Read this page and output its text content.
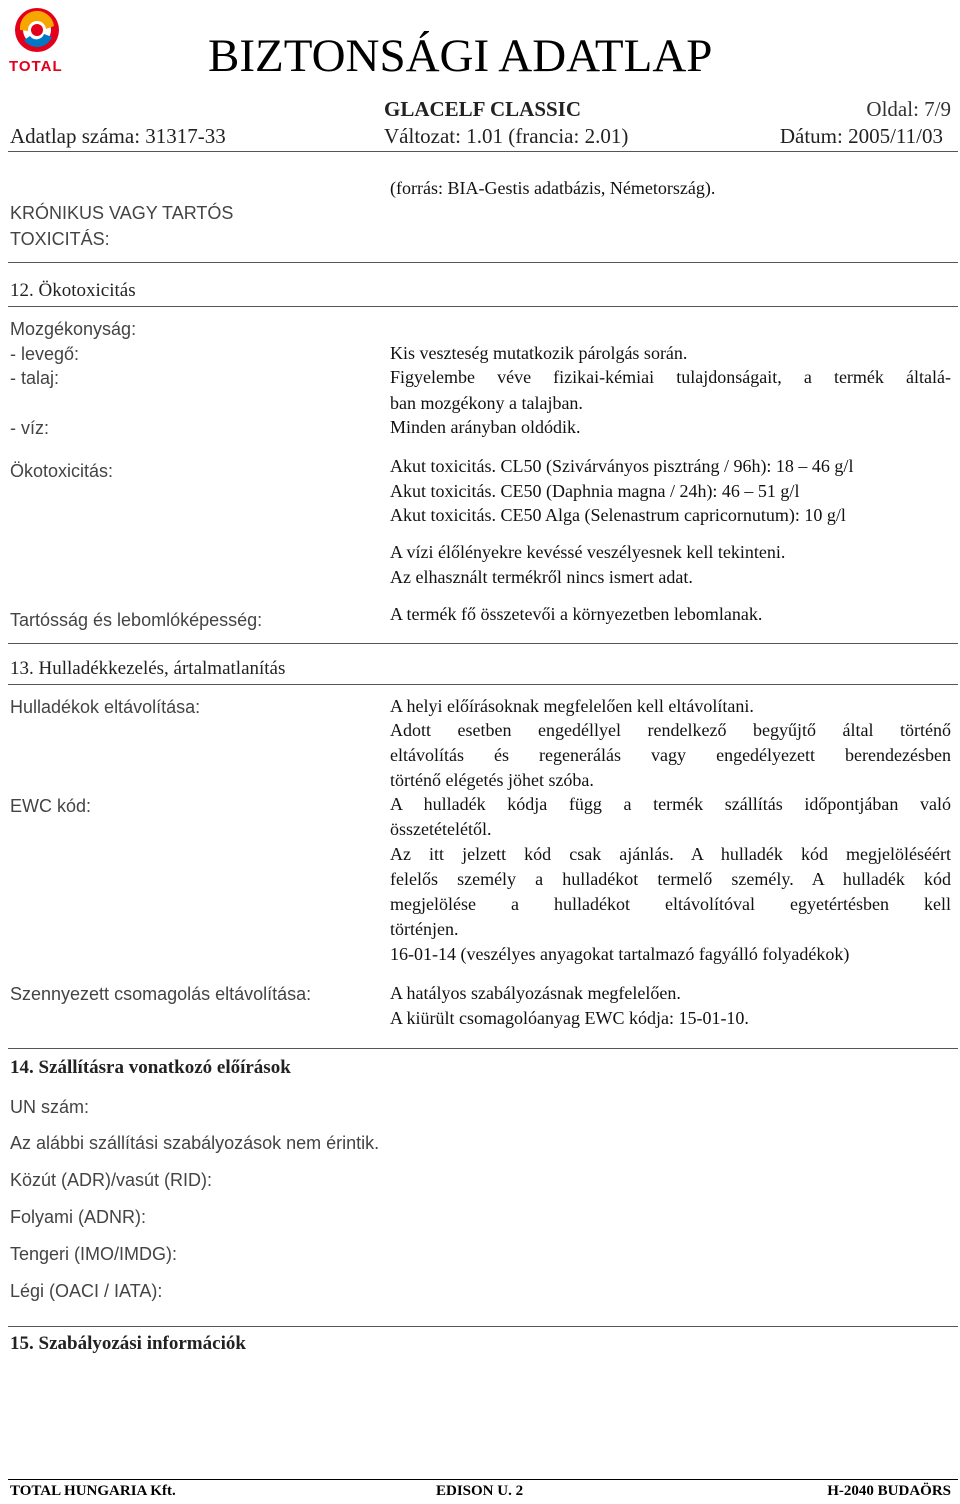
TOTAL	BIZTONSÁGI ADATLAP
GLACELF CLASSIC	Oldal: 7/9
Adatlap száma: 31317-33	Változat: 1.01 (francia: 2.01)	Dátum: 2005/11/03
KRÓNIKUS VAGY TARTÓS
TOXICITÁS:
(forrás: BIA-Gestis adatbázis, Németország).
12. Ökotoxicitás
Mozgékonyság:
- levegő:	Kis veszteség mutatkozik párolgás során.
- talaj:	Figyelembe véve fizikai-kémiai tulajdonságait, a termék általá-
ban mozgékony a talajban.
- víz:	Minden arányban oldódik.
Ökotoxicitás:	Akut toxicitás. CL50 (Szivárványos pisztráng / 96h): 18 – 46 g/l
Akut toxicitás. CE50 (Daphnia magna / 24h): 46 – 51 g/l
Akut toxicitás. CE50 Alga (Selenastrum capricornutum): 10 g/l
A vízi élőlényekre kevéssé veszélyesnek kell tekinteni.
Az elhasznált termékről nincs ismert adat.
Tartósság és lebomlóképesség:	A termék fő összetevői a környezetben lebomlanak.
13. Hulladékkezelés, ártalmatlanítás
Hulladékok eltávolítása:	A helyi előírásoknak megfelelően kell eltávolítani.
Adott esetben engedéllyel rendelkező begyűjtő által történő
eltávolítás és regenerálás vagy engedélyezett berendezésben
történő elégetés jöhet szóba.
EWC kód:	A hulladék kódja függ a termék szállítás időpontjában való
összetételétől.
Az itt jelzett kód csak ajánlás. A hulladék kód megjelöléséért
felelős személy a hulladékot termelő személy. A hulladék kód
megjelölése a hulladékot eltávolítóval egyetértésben kell
történjen.
16-01-14 (veszélyes anyagokat tartalmazó fagyálló folyadékok)
Szennyezett csomagolás eltávolítása:	A hatályos szabályozásnak megfelelően.
A kiürült csomagolóanyag EWC kódja: 15-01-10.
14. Szállításra vonatkozó előírások
UN szám:
Az alábbi szállítási szabályozások nem érintik.
Közút (ADR)/vasút (RID):
Folyami (ADNR):
Tengeri (IMO/IMDG):
Légi (OACI / IATA):
15. Szabályozási információk
TOTAL HUNGARIA Kft.	EDISON U. 2	H-2040 BUDAÖRS
